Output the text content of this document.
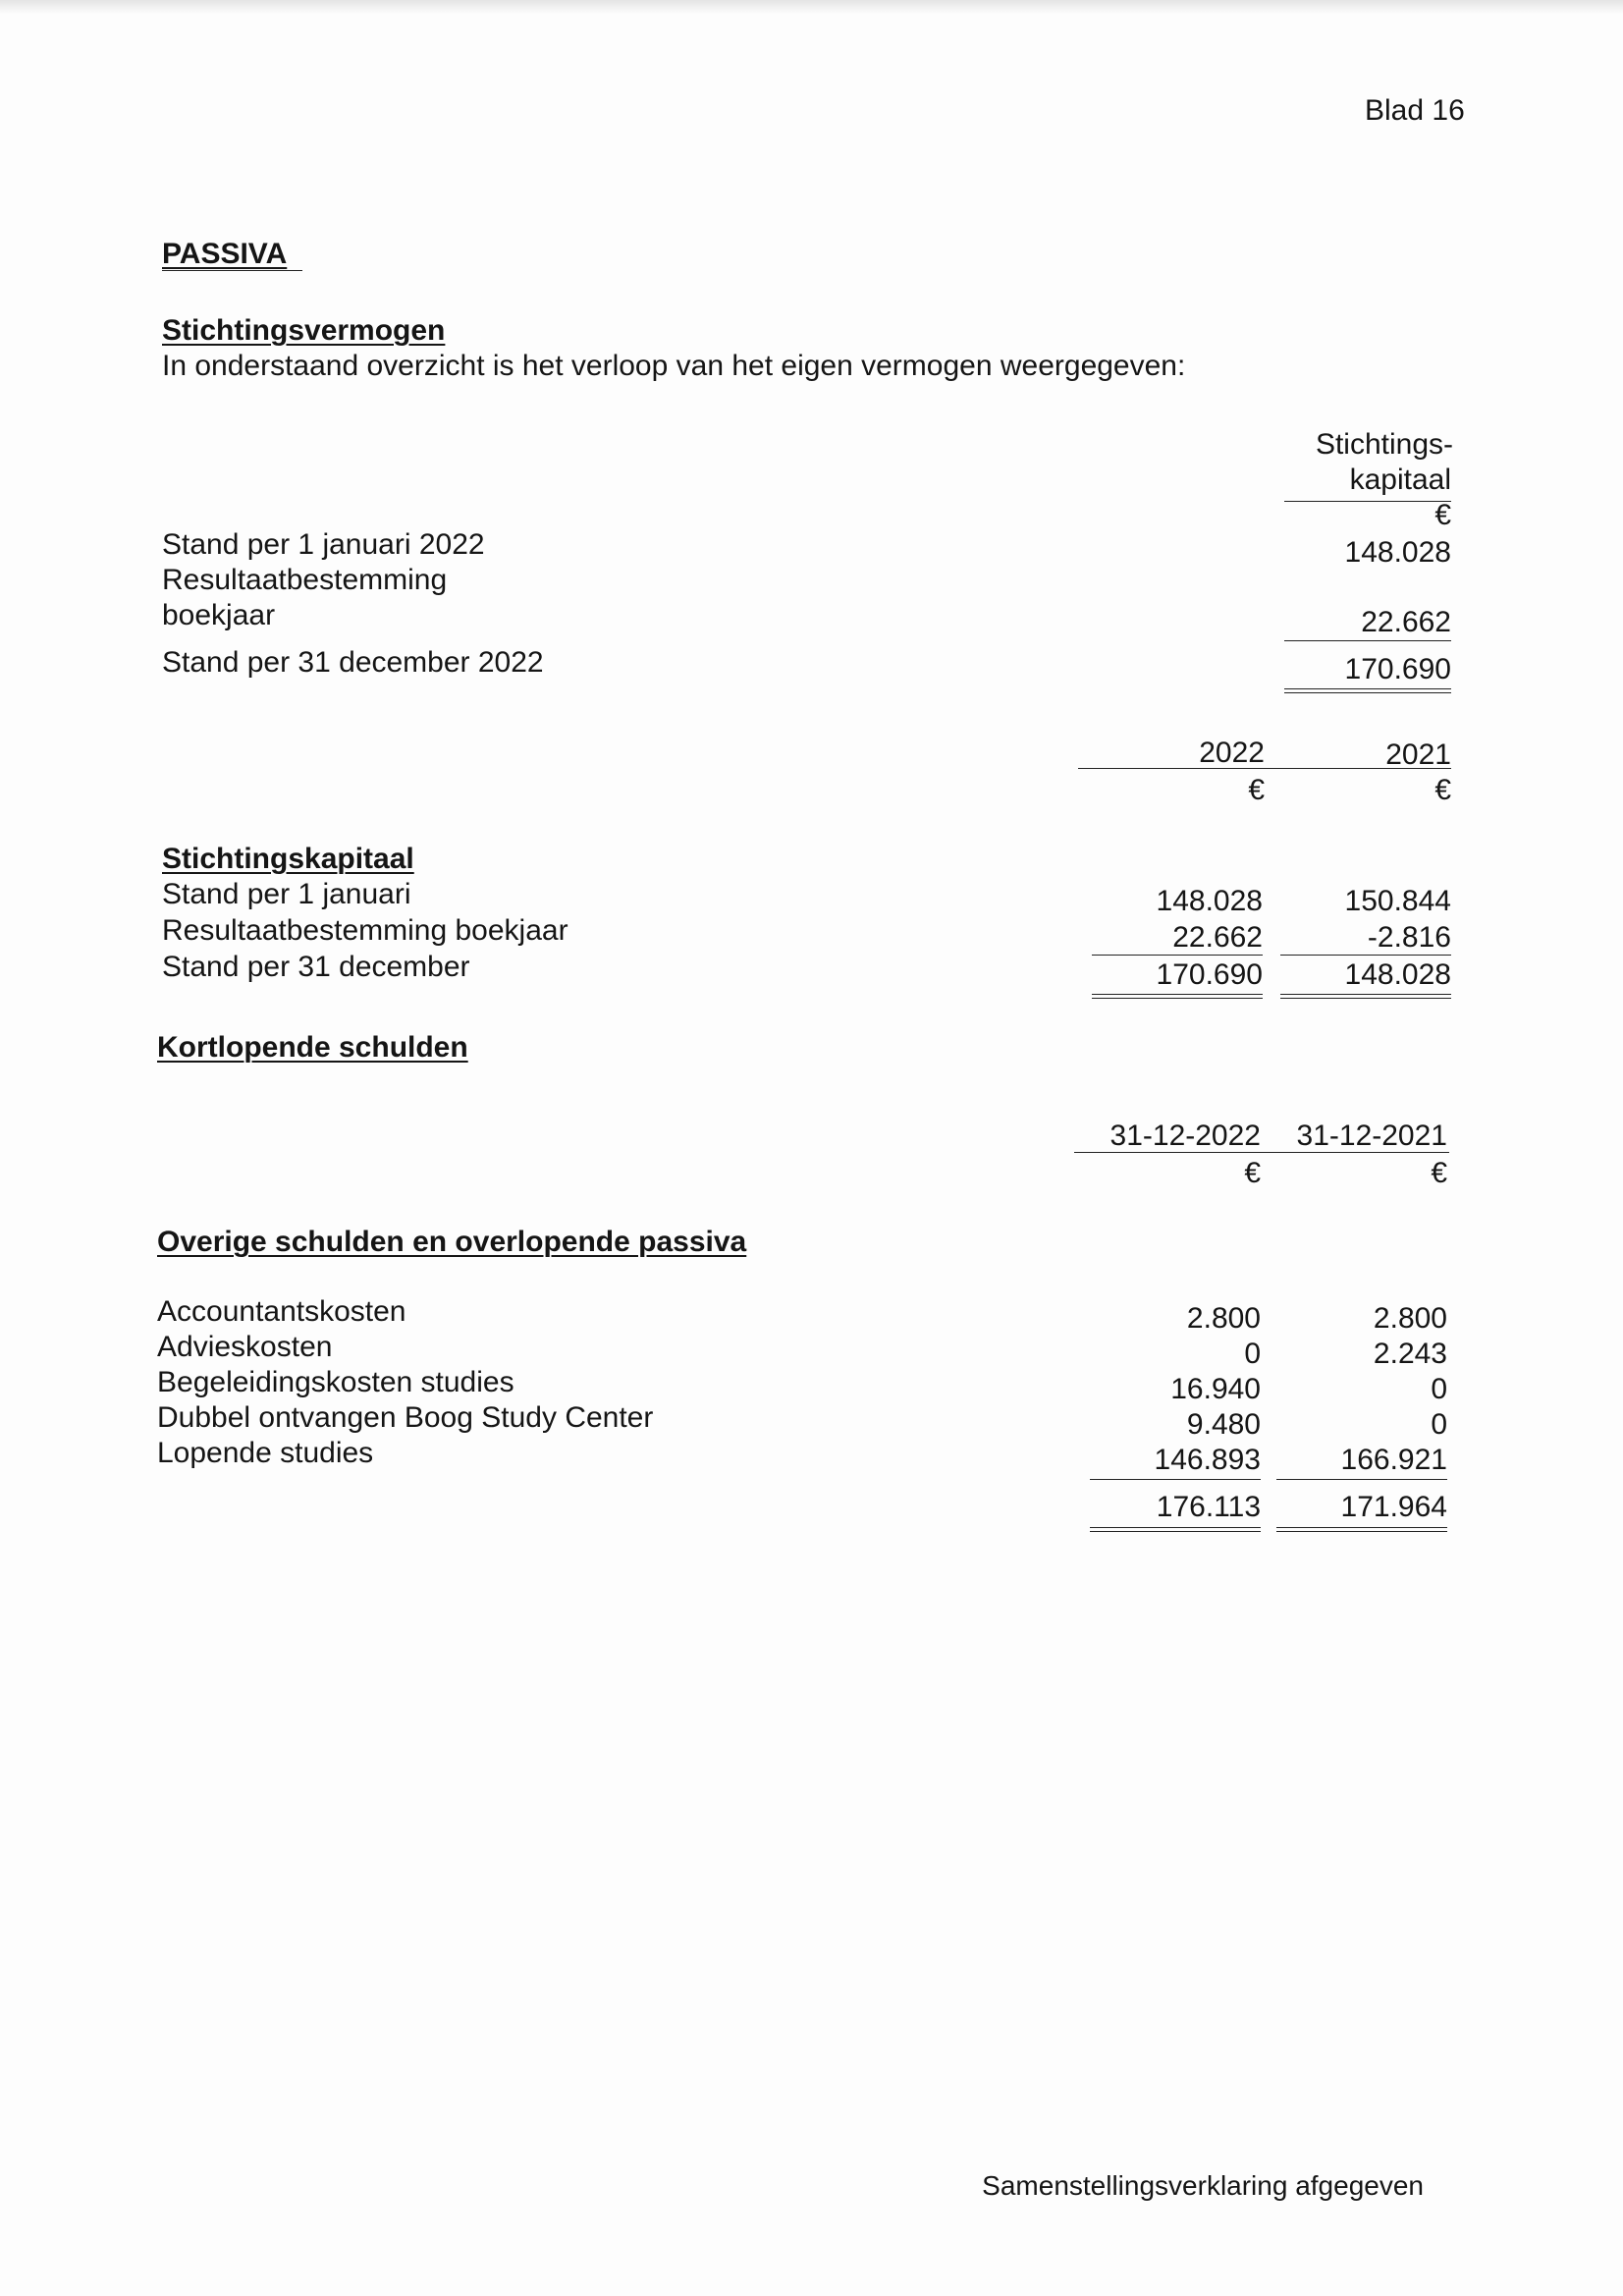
Blad 16
PASSIVA
Stichtingsvermogen
In onderstaand overzicht is het verloop van het eigen vermogen weergegeven:
Stichtings-
kapitaal
€
Stand per 1 januari 2022	148.028
Resultaatbestemming
boekjaar	22.662
Stand per 31 december 2022	170.690
2022	2021
€	€
Stichtingskapitaal
Stand per 1 januari	148.028	150.844
Resultaatbestemming boekjaar	22.662	-2.816
Stand per 31 december	170.690	148.028
Kortlopende schulden
31-12-2022	31-12-2021
€	€
Overige schulden en overlopende passiva
Accountantskosten	2.800	2.800
Advieskosten	0	2.243
Begeleidingskosten studies	16.940	0
Dubbel ontvangen Boog Study Center	9.480	0
Lopende studies	146.893	166.921
176.113	171.964
Samenstellingsverklaring afgegeven
